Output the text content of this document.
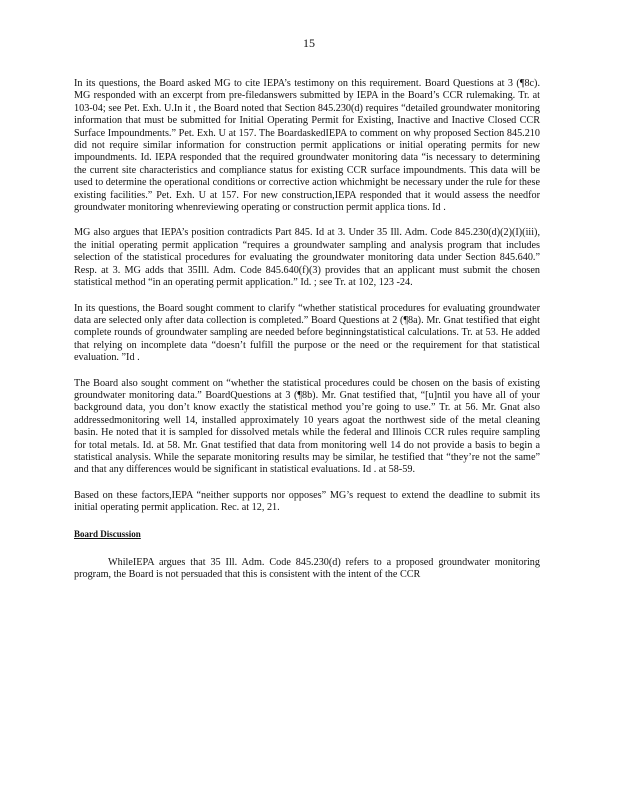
15

In its questions, the Board asked MG to cite IEPA’s testimony on this requirement. Board Questions at 3 (¶8c). MG responded with an excerpt from pre-filedanswers submitted by IEPA in the Board’s CCR rulemaking. Tr. at 103-04; see Pet. Exh. U.In it , the Board noted that Section 845.230(d) requires “detailed groundwater monitoring information that must be submitted for Initial Operating Permit for Existing, Inactive and Inactive Closed CCR Surface Impoundments.” Pet. Exh. U at 157. The BoardaskedIEPA to comment on why proposed Section 845.210 did not require similar information for construction permit applications or initial operating permits for new impoundments. Id. IEPA responded that the required groundwater monitoring data “is necessary to determining the current site characteristics and compliance status for existing CCR surface impoundments. This data will be used to determine the operational conditions or corrective action whichmight be necessary under the rule for these existing facilities.” Pet. Exh. U at 157. For new construction,IEPA responded that it would assess the needfor groundwater monitoring whenreviewing operating or construction permit applica tions. Id .

MG also argues that IEPA’s position contradicts Part 845. Id at 3. Under 35 Ill. Adm. Code 845.230(d)(2)(I)(iii), the initial operating permit application “requires a groundwater sampling and analysis program that includes selection of the statistical procedures for evaluating the groundwater monitoring data under Section 845.640.” Resp. at 3. MG adds that 35Ill. Adm. Code 845.640(f)(3) provides that an applicant must submit the chosen statistical method “in an operating permit application.” Id. ; see Tr. at 102, 123 -24.

In its questions, the Board sought comment to clarify “whether statistical procedures for evaluating groundwater data are selected only after data collection is completed.” Board Questions at 2 (¶8a). Mr. Gnat testified that eight complete rounds of groundwater sampling are needed before beginningstatistical calculations. Tr. at 53. He added that relying on incomplete data “doesn’t fulfill the purpose or the need or the requirement for that statistical evaluation. ”Id .

The Board also sought comment on “whether the statistical procedures could be chosen on the basis of existing groundwater monitoring data.” BoardQuestions at 3 (¶8b). Mr. Gnat testified that, “[u]ntil you have all of your background data, you don’t know exactly the statistical method you’re going to use.” Tr. at 56. Mr. Gnat also addressedmonitoring well 14, installed approximately 10 years agoat the northwest side of the metal cleaning basin. He noted that it is sampled for dissolved metals while the federal and Illinois CCR rules require sampling for total metals. Id. at 58. Mr. Gnat testified that data from monitoring well 14 do not provide a basis to begin a statistical analysis. While the separate monitoring results may be similar, he testified that “they’re not the same” and that any differences would be significant in statistical evaluations. Id . at 58-59.

Based on these factors,IEPA “neither supports nor opposes” MG’s request to extend the deadline to submit its initial operating permit application. Rec. at 12, 21.

Board Discussion

WhileIEPA argues that 35 Ill. Adm. Code 845.230(d) refers to a proposed groundwater monitoring program, the Board is not persuaded that this is consistent with the intent of the CCR
